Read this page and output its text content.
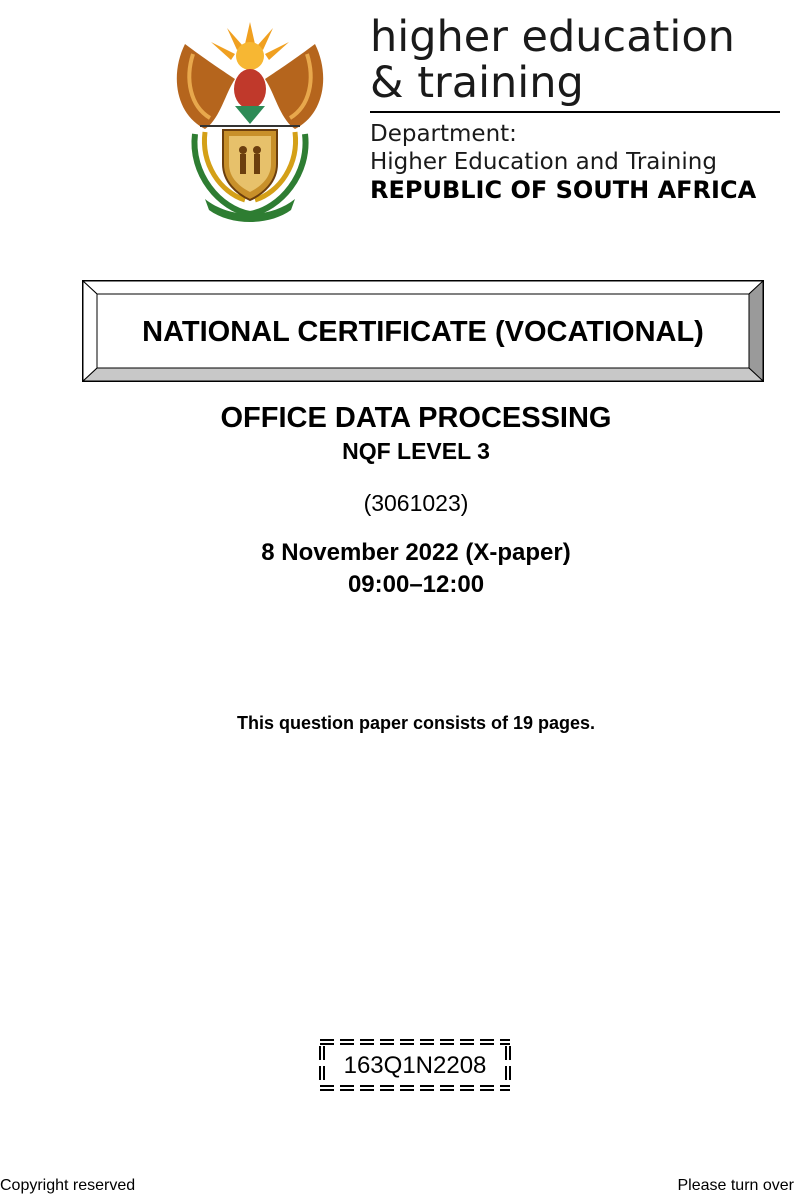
higher education
& training
Department:
Higher Education and Training
REPUBLIC OF SOUTH AFRICA
NATIONAL CERTIFICATE (VOCATIONAL)
OFFICE DATA PROCESSING
NQF LEVEL 3
(3061023)
8 November 2022 (X-paper)
09:00–12:00
This question paper consists of 19 pages.
163Q1N2208
Copyright reserved	Please turn over
